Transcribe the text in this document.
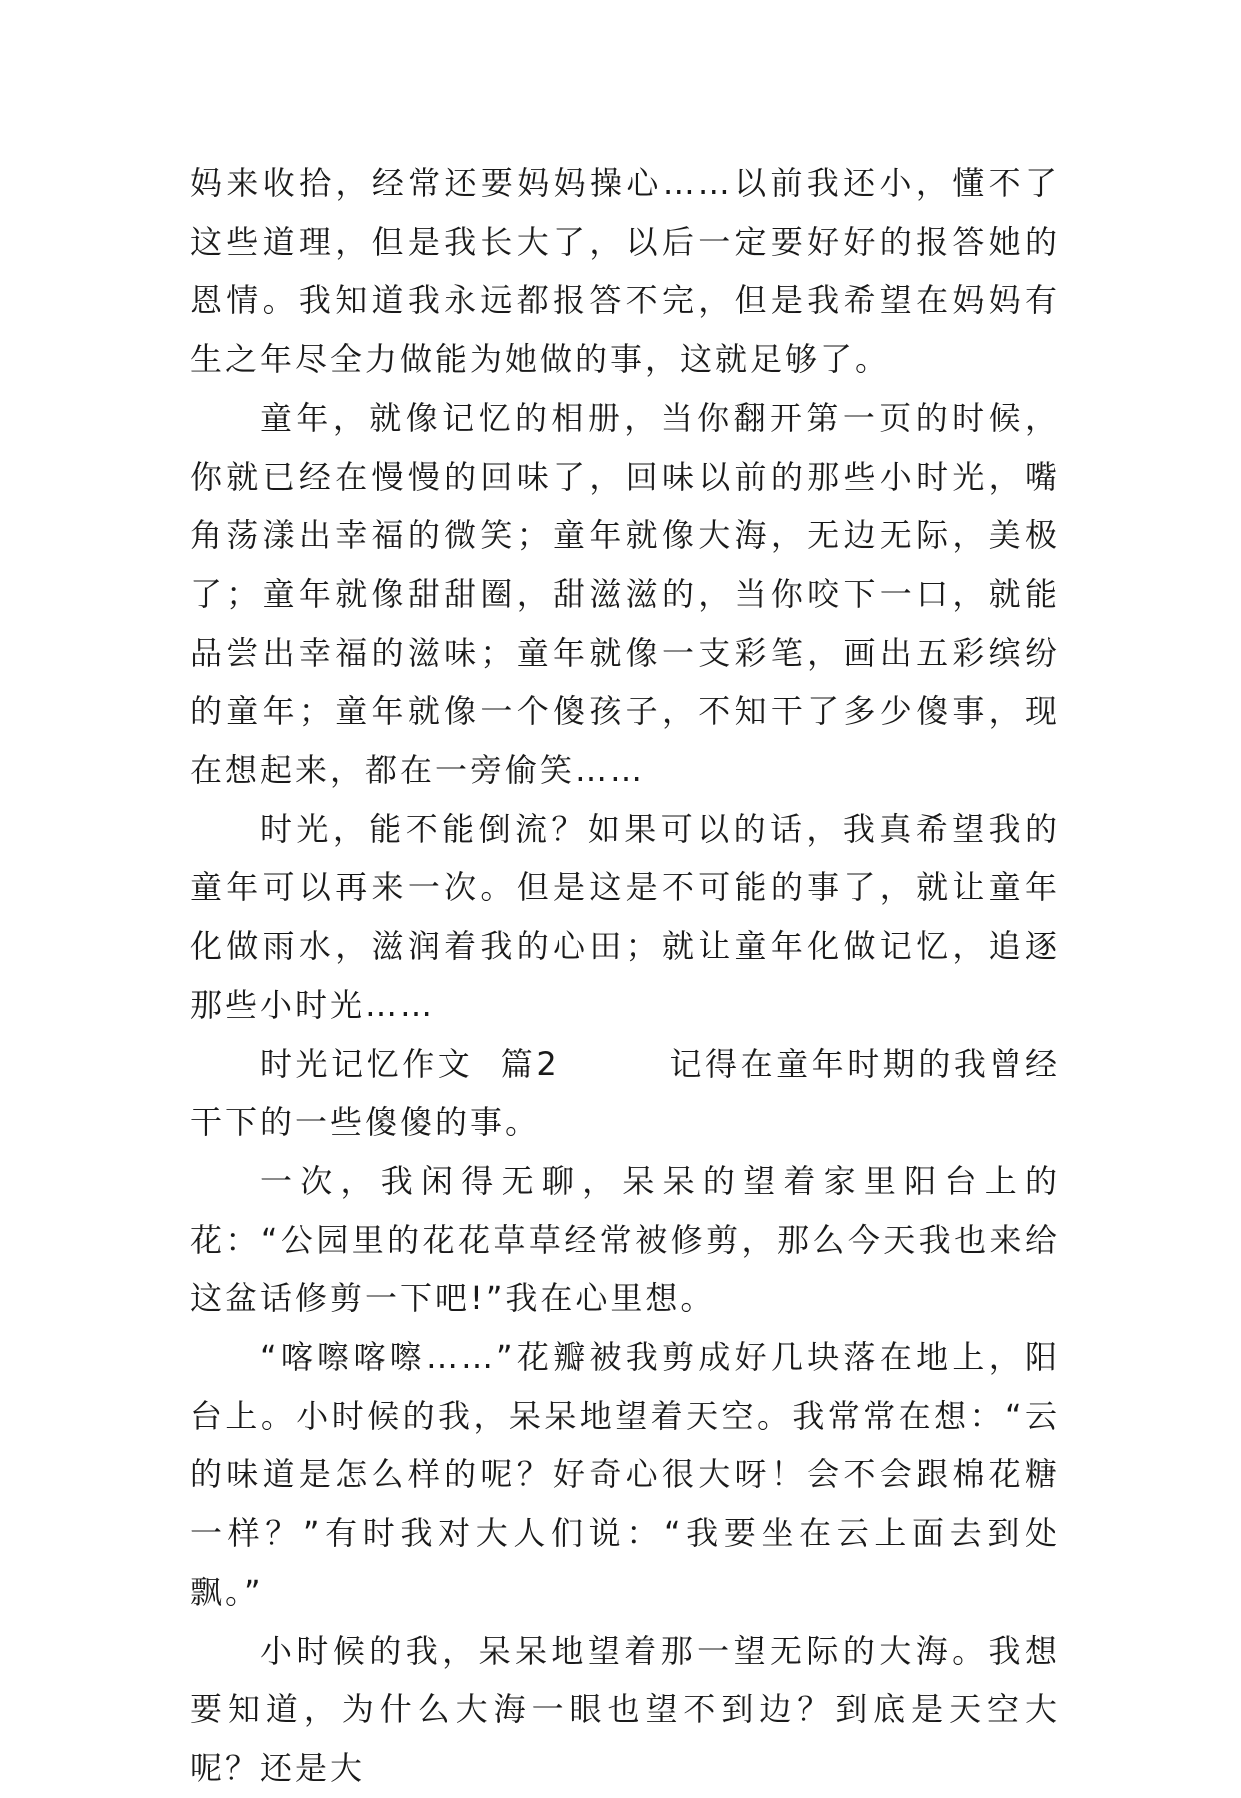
妈来收拾，经常还要妈妈操心……以前我还小，懂不了这些道理，但是我长大了，以后一定要好好的报答她的恩情。我知道我永远都报答不完，但是我希望在妈妈有生之年尽全力做能为她做的事，这就足够了。

童年，就像记忆的相册，当你翻开第一页的时候，你就已经在慢慢的回味了，回味以前的那些小时光，嘴角荡漾出幸福的微笑；童年就像大海，无边无际，美极了；童年就像甜甜圈，甜滋滋的，当你咬下一口，就能品尝出幸福的滋味；童年就像一支彩笔，画出五彩缤纷的童年；童年就像一个傻孩子，不知干了多少傻事，现在想起来，都在一旁偷笑……

时光，能不能倒流？如果可以的话，我真希望我的童年可以再来一次。但是这是不可能的事了，就让童年化做雨水，滋润着我的心田；就让童年化做记忆，追逐那些小时光……

时光记忆作文  篇2        记得在童年时期的我曾经干下的一些傻傻的事。

一次，我闲得无聊，呆呆的望着家里阳台上的花：“公园里的花花草草经常被修剪，那么今天我也来给这盆话修剪一下吧!”我在心里想。

“喀嚓喀嚓……”花瓣被我剪成好几块落在地上，阳台上。小时候的我，呆呆地望着天空。我常常在想：“云的味道是怎么样的呢？好奇心很大呀！会不会跟棉花糖一样？”有时我对大人们说：“我要坐在云上面去到处飘。”

小时候的我，呆呆地望着那一望无际的大海。我想要知道，为什么大海一眼也望不到边？到底是天空大呢？还是大
